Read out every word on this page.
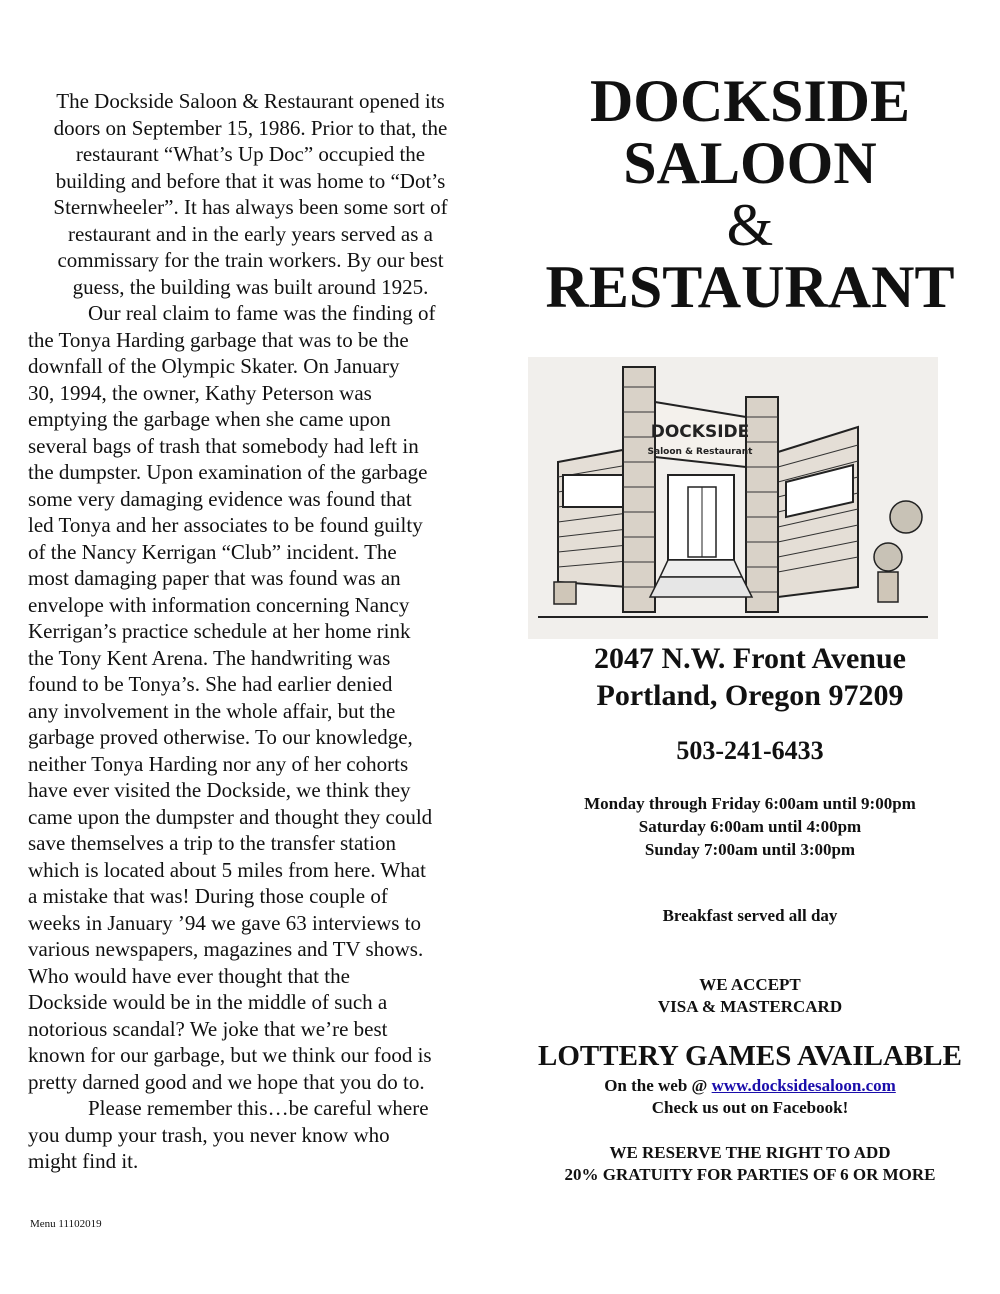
The Dockside Saloon & Restaurant opened its
doors on September 15, 1986. Prior to that, the
restaurant “What’s Up Doc” occupied the
building and before that it was home to “Dot’s
Sternwheeler”. It has always been some sort of
restaurant and in the early years served as a
commissary for the train workers. By our best
guess, the building was built around 1925.
Our real claim to fame was the finding of
the Tonya Harding garbage that was to be the
downfall of the Olympic Skater. On January
30, 1994, the owner, Kathy Peterson was
emptying the garbage when she came upon
several bags of trash that somebody had left in
the dumpster. Upon examination of the garbage
some very damaging evidence was found that
led Tonya and her associates to be found guilty
of the Nancy Kerrigan “Club” incident. The
most damaging paper that was found was an
envelope with information concerning Nancy
Kerrigan’s practice schedule at her home rink
the Tony Kent Arena. The handwriting was
found to be Tonya’s. She had earlier denied
any involvement in the whole affair, but the
garbage proved otherwise. To our knowledge,
neither Tonya Harding nor any of her cohorts
have ever visited the Dockside, we think they
came upon the dumpster and thought they could
save themselves a trip to the transfer station
which is located about 5 miles from here. What
a mistake that was! During those couple of
weeks in January ’94 we gave 63 interviews to
various newspapers, magazines and TV shows.
Who would have ever thought that the
Dockside would be in the middle of such a
notorious scandal? We joke that we’re best
known for our garbage, but we think our food is
pretty darned good and we hope that you do to.
Please remember this…be careful where
you dump your trash, you never know who
might find it.
Menu 11102019
DOCKSIDE
SALOON
&
RESTAURANT
DOCKSIDE
Saloon & Restaurant
2047 N.W. Front Avenue
Portland, Oregon 97209
503-241-6433
Monday through Friday 6:00am until 9:00pm
Saturday 6:00am until 4:00pm
Sunday 7:00am until 3:00pm
Breakfast served all day
WE ACCEPT
VISA & MASTERCARD
LOTTERY GAMES AVAILABLE
On the web @ www.docksidesaloon.com
Check us out on Facebook!
WE RESERVE THE RIGHT TO ADD
20% GRATUITY FOR PARTIES OF 6 OR MORE
